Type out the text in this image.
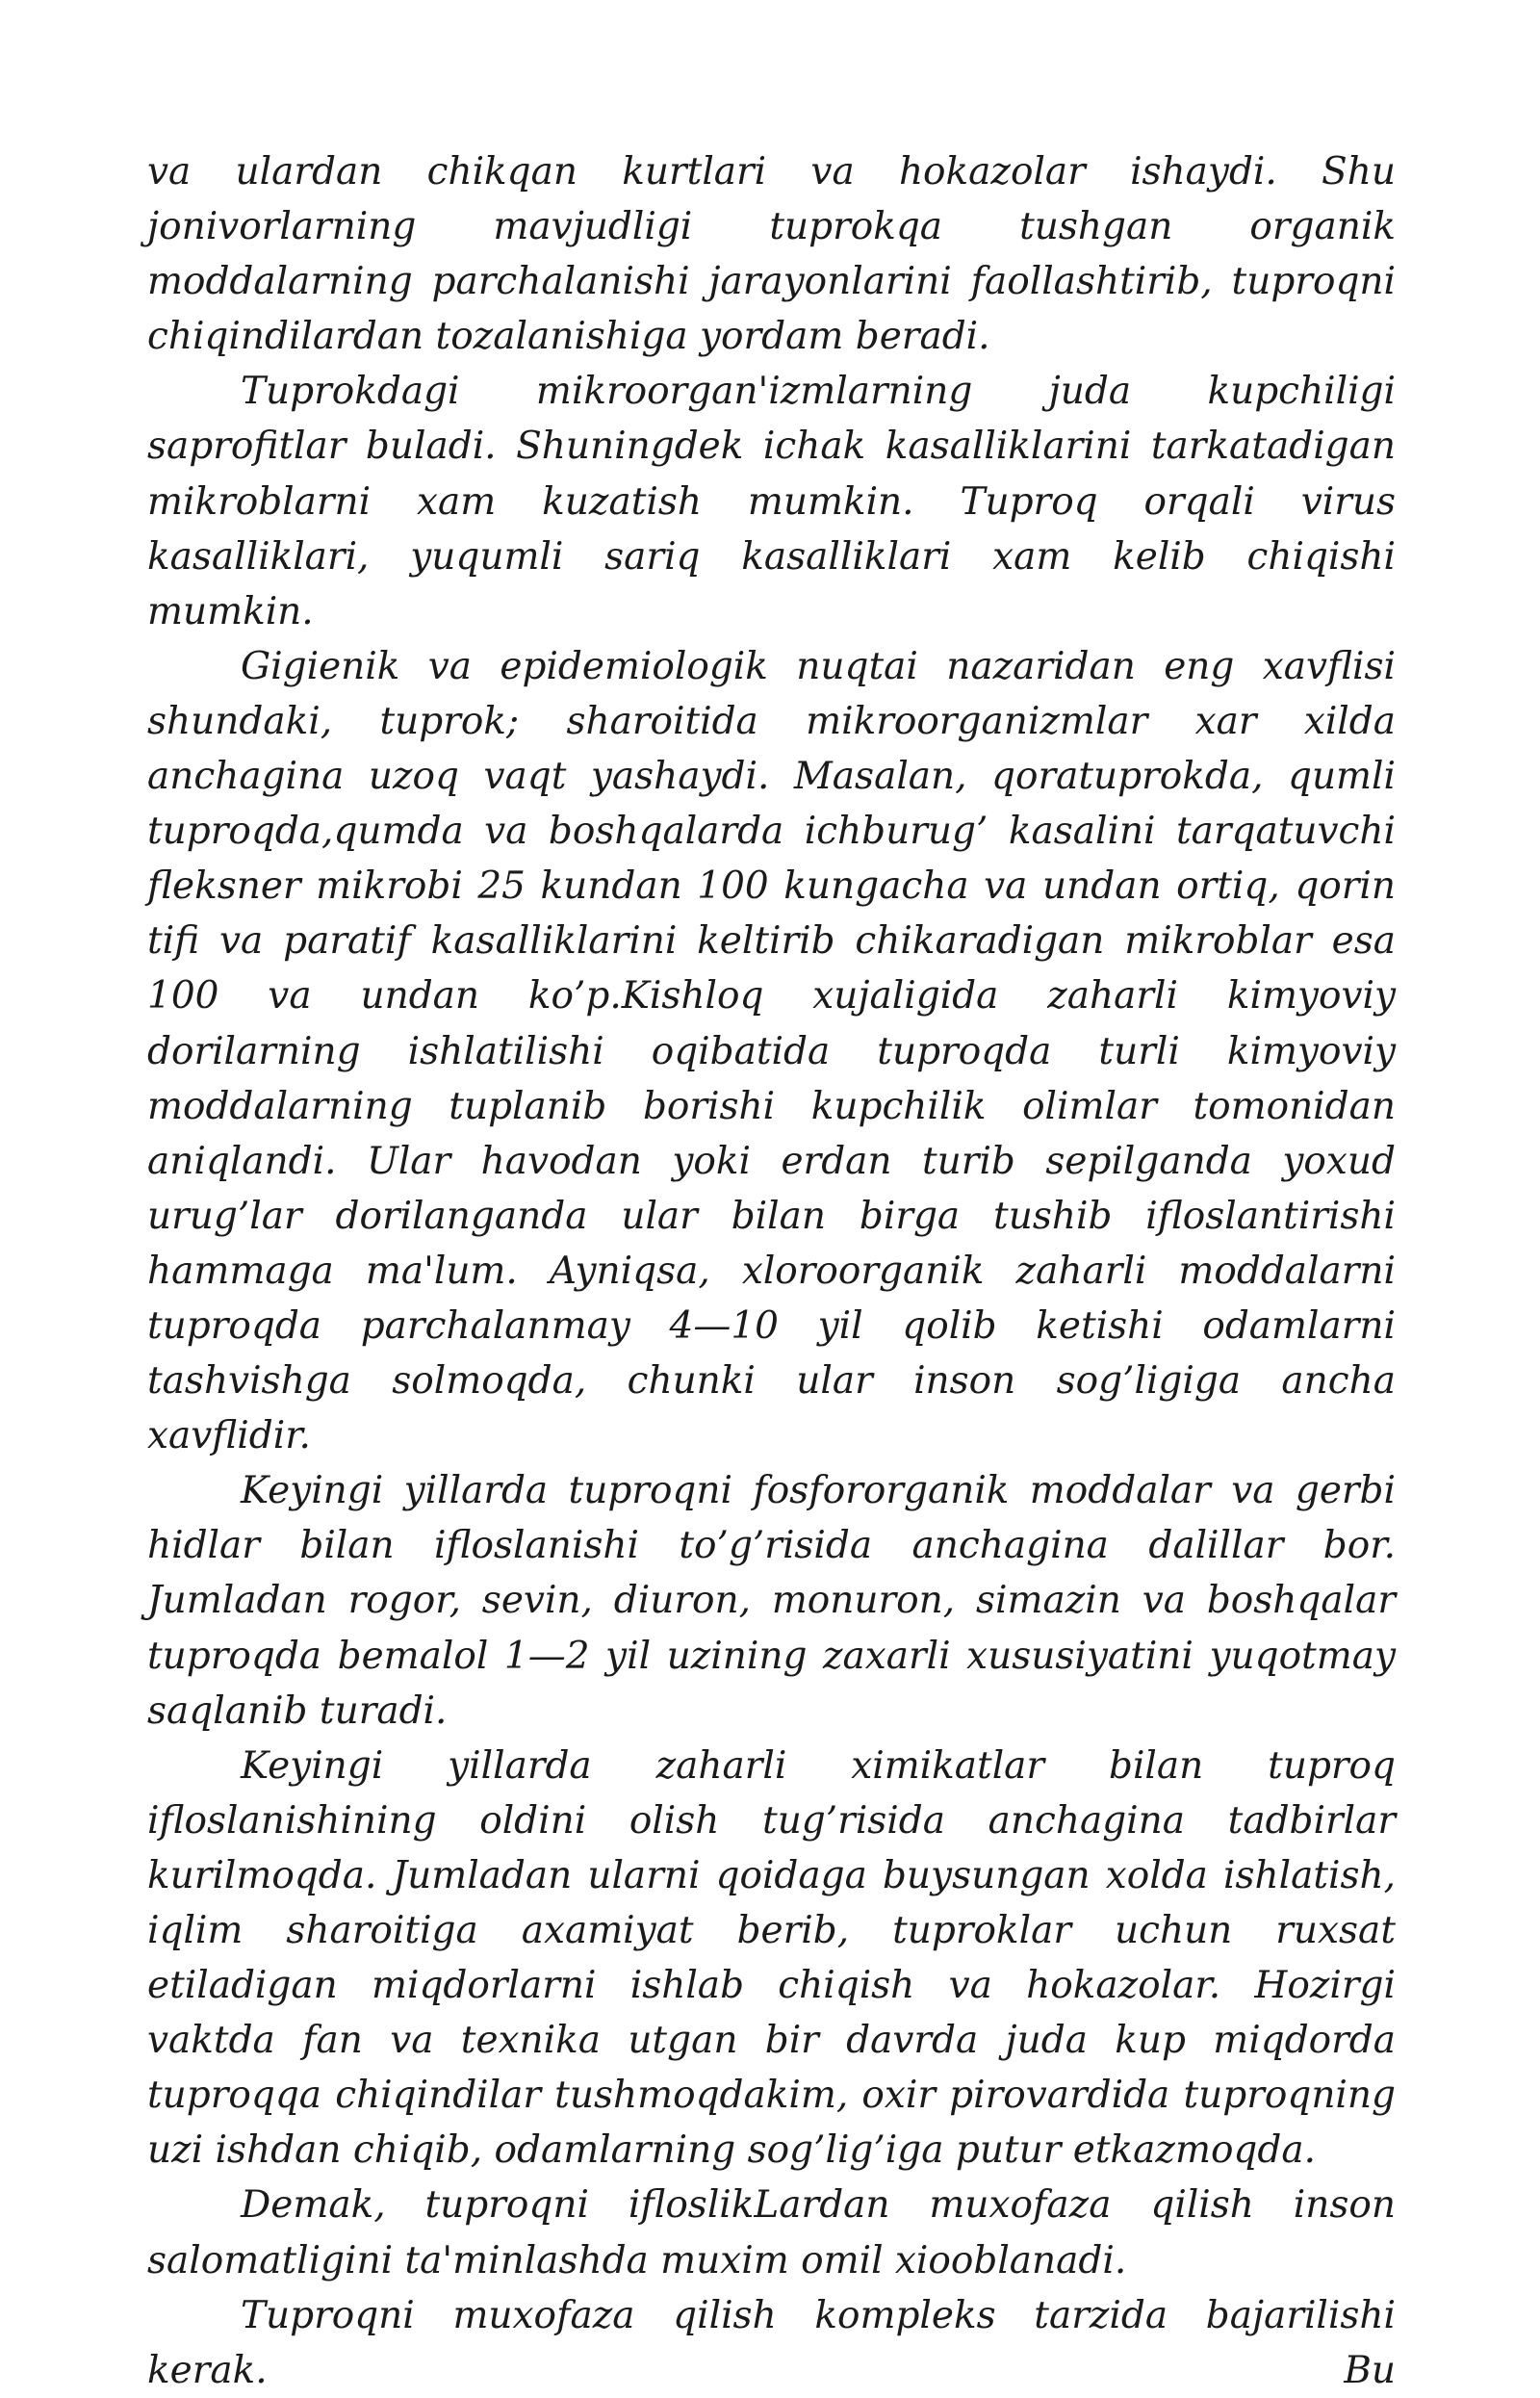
va ulardan chikqan kurtlari va hokazolar ishaydi. Shu jonivorlarning mavjudligi tuprokqa tushgan organik moddalarning parchalanishi jarayonlarini faollashtirib, tuproqni chiqindilardan tozalanishiga yordam beradi.

Tuprokdagi mikroorgan'izmlarning juda kupchiligi saprofitlar buladi. Shuningdek ichak kasalliklarini tarkatadigan mikroblarni xam kuzatish mumkin. Tuproq orqali virus kasalliklari, yuqumli sariq kasalliklari xam kelib chiqishi mumkin.

Gigienik va epidemiologik nuqtai nazaridan eng xavflisi shundaki, tuprok; sharoitida mikroorganizmlar xar xilda anchagina uzoq vaqt yashaydi. Masalan, qoratuprokda, qumli tuproqda,qumda va boshqalarda ichburug’ kasalini tarqatuvchi fleksner mikrobi 25 kundan 100 kungacha va undan ortiq, qorin tifi va paratif kasalliklarini keltirib chikaradigan mikroblar esa 100 va undan ko’p.Kishloq xujaligida zaharli kimyoviy dorilarning ishlatilishi oqibatida tuproqda turli kimyoviy moddalarning tuplanib borishi kupchilik olimlar tomonidan aniqlandi. Ular havodan yoki erdan turib sepilganda yoxud urug’lar dorilanganda ular bilan birga tushib ifloslantirishi hammaga ma'lum. Ayniqsa, xloroorganik zaharli moddalarni tuproqda parchalanmay 4—10 yil qolib ketishi odamlarni tashvishga solmoqda, chunki ular inson sog’ligiga ancha xavflidir.

Keyingi yillarda tuproqni fosfororganik moddalar va gerbi hidlar bilan ifloslanishi to’g’risida anchagina dalillar bor. Jumladan rogor, sevin, diuron, monuron, simazin va boshqalar tuproqda bemalol 1—2 yil uzining zaxarli xususiyatini yuqotmay saqlanib turadi.

Keyingi yillarda zaharli ximikatlar bilan tuproq ifloslanishining oldini olish tug’risida anchagina tadbirlar kurilmoqda. Jumladan ularni qoidaga buysungan xolda ishlatish, iqlim sharoitiga axamiyat berib, tuproklar uchun ruxsat etiladigan miqdorlarni ishlab chiqish va hokazolar. Hozirgi vaktda fan va texnika utgan bir davrda juda kup miqdorda tuproqqa chiqindilar tushmoqdakim, oxir pirovardida tuproqning uzi ishdan chiqib, odamlarning sog’lig’iga putur etkazmoqda.

Demak, tuproqni ifloslikLardan muxofaza qilish inson salomatligini ta'minlashda muxim omil xiooblanadi.

Tuproqni muxofaza qilish kompleks tarzida bajarilishi kerak. Bu
